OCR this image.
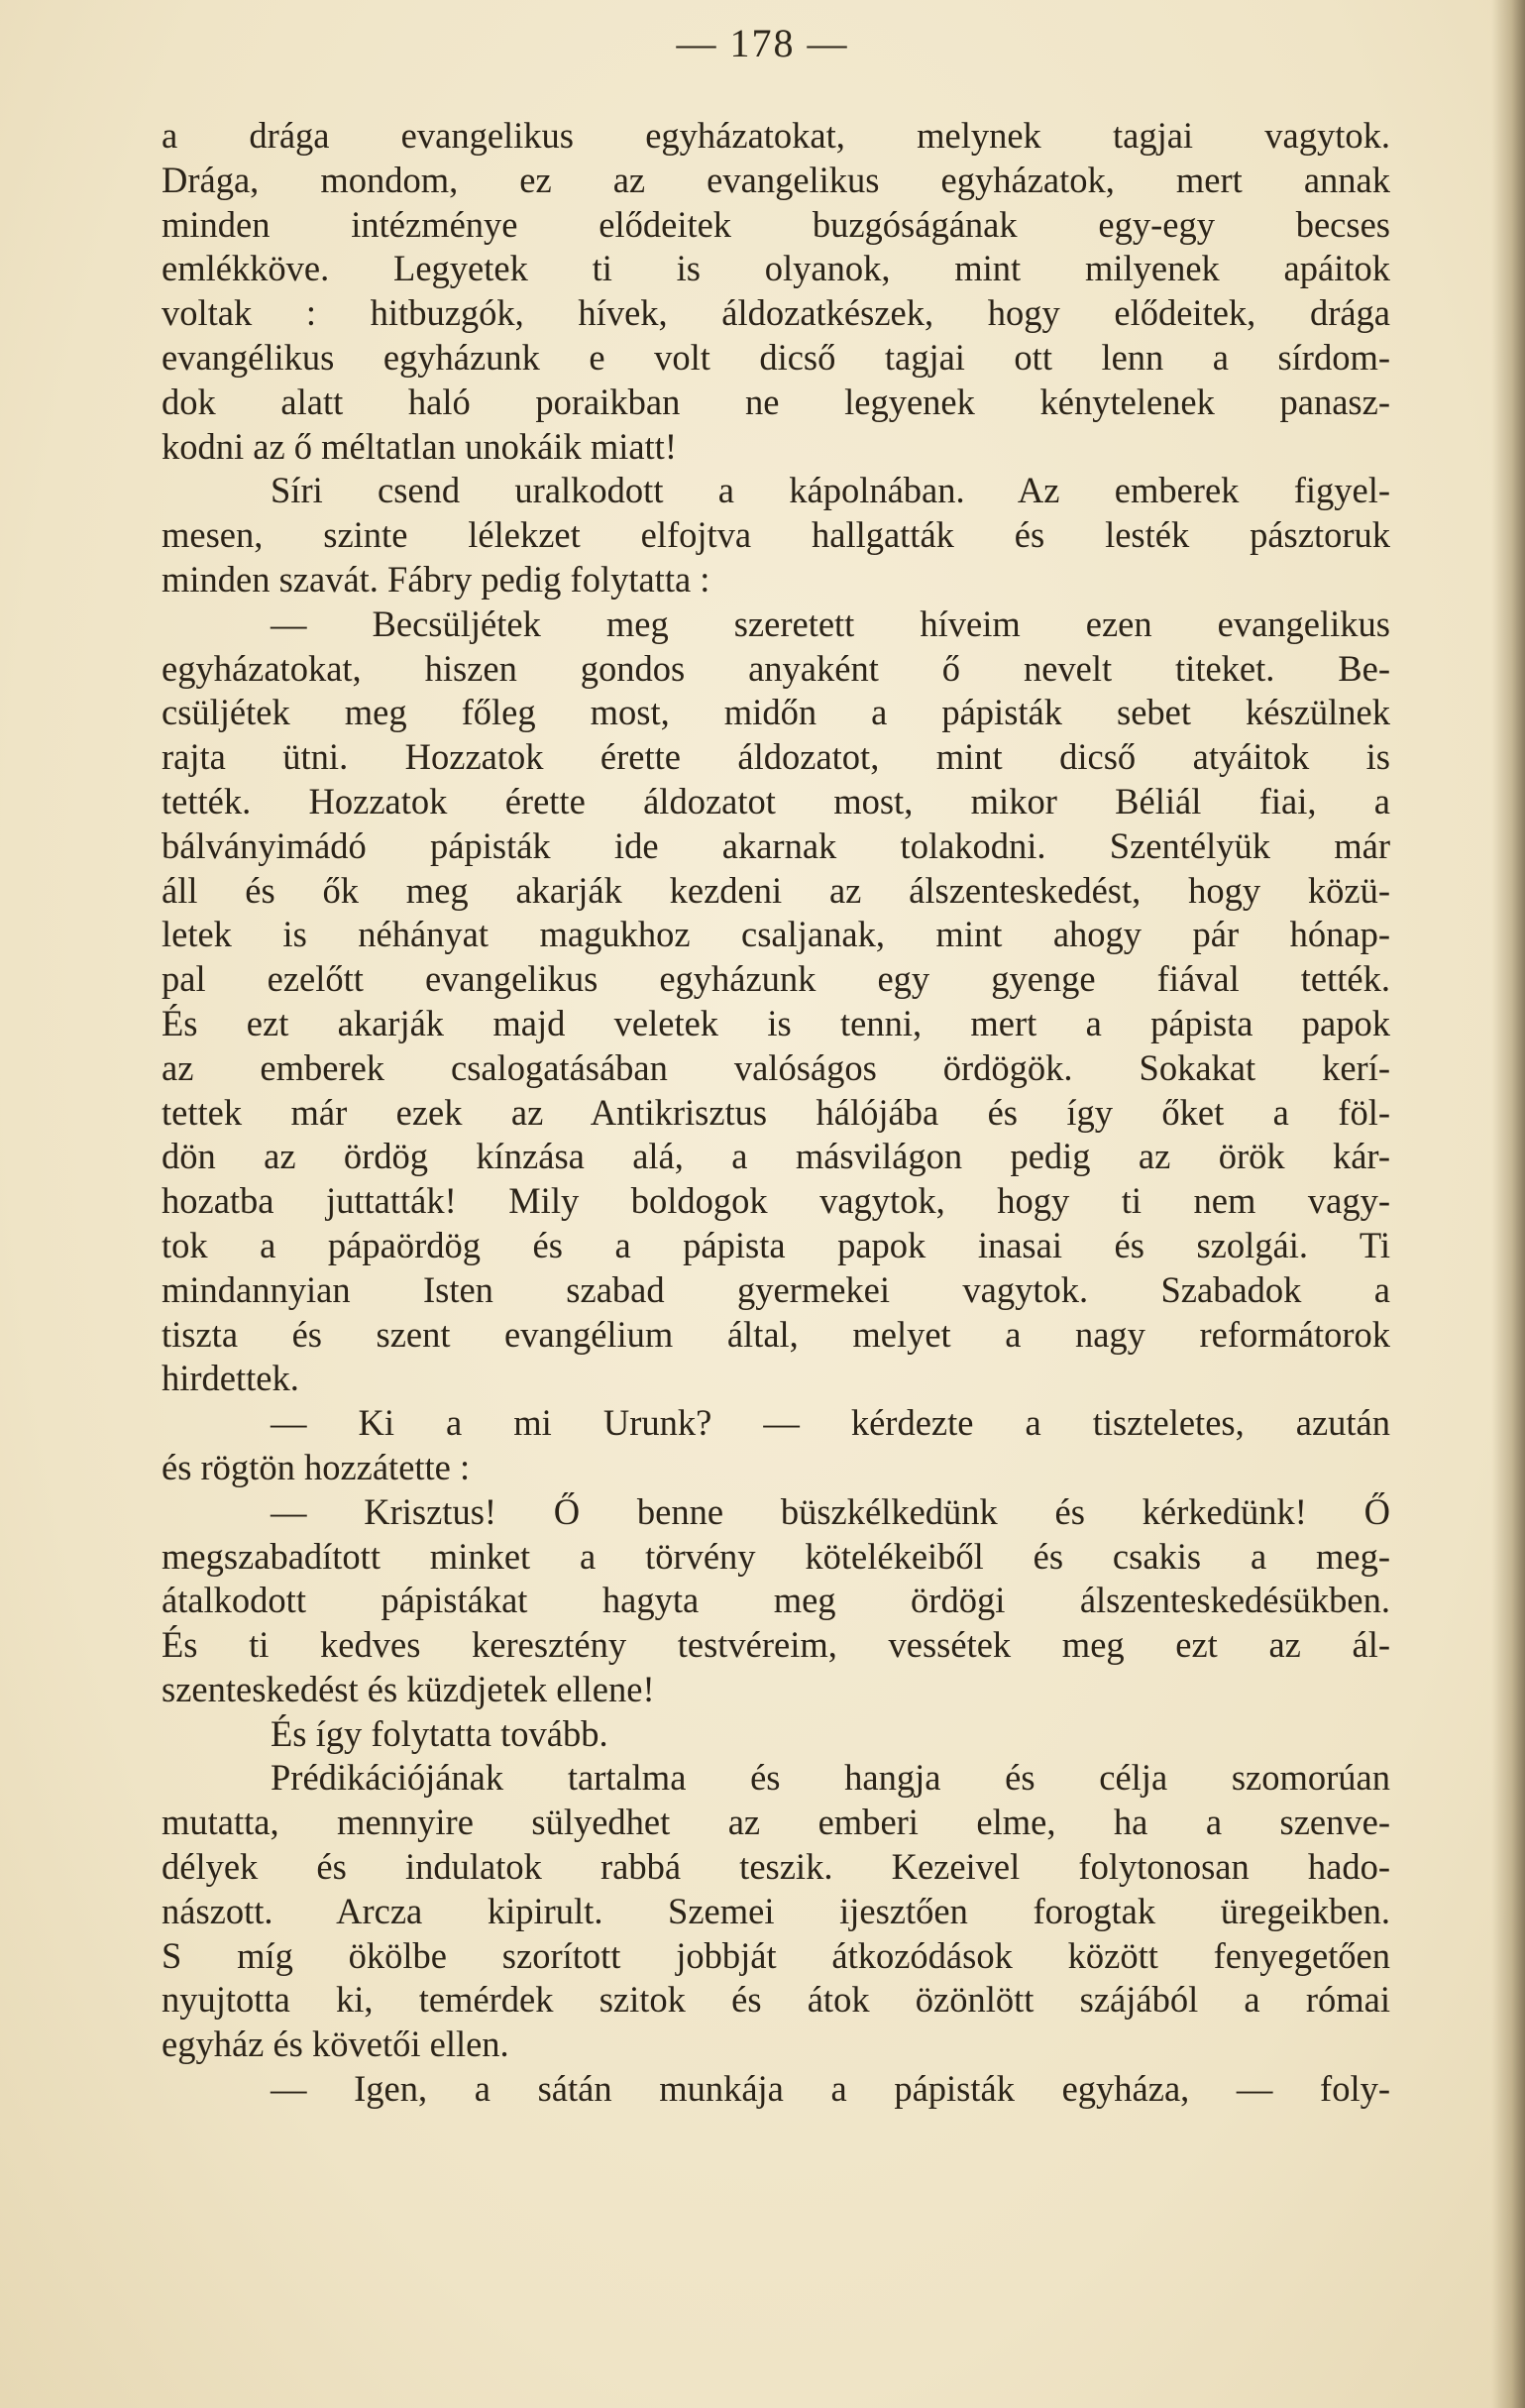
— 178 —
a drága evangelikus egyházatokat, melynek tagjai vagytok.
Drága, mondom, ez az evangelikus egyházatok, mert annak
minden intézménye elődeitek buzgóságának egy-egy becses
emlékköve. Legyetek ti is olyanok, mint milyenek apáitok
voltak : hitbuzgók, hívek, áldozatkészek, hogy elődeitek, drága
evangélikus egyházunk e volt dicső tagjai ott lenn a sírdom-
dok alatt haló poraikban ne legyenek kénytelenek panasz-
kodni az ő méltatlan unokáik miatt!
Síri csend uralkodott a kápolnában. Az emberek figyel-
mesen, szinte lélekzet elfojtva hallgatták és lesték pásztoruk
minden szavát. Fábry pedig folytatta :
— Becsüljétek meg szeretett híveim ezen evangelikus
egyházatokat, hiszen gondos anyaként ő nevelt titeket. Be-
csüljétek meg főleg most, midőn a pápisták sebet készülnek
rajta ütni. Hozzatok érette áldozatot, mint dicső atyáitok is
tették. Hozzatok érette áldozatot most, mikor Béliál fiai, a
bálványimádó pápisták ide akarnak tolakodni. Szentélyük már
áll és ők meg akarják kezdeni az álszenteskedést, hogy közü-
letek is néhányat magukhoz csaljanak, mint ahogy pár hónap-
pal ezelőtt evangelikus egyházunk egy gyenge fiával tették.
És ezt akarják majd veletek is tenni, mert a pápista papok
az emberek csalogatásában valóságos ördögök. Sokakat kerí-
tettek már ezek az Antikrisztus hálójába és így őket a föl-
dön az ördög kínzása alá, a másvilágon pedig az örök kár-
hozatba juttatták! Mily boldogok vagytok, hogy ti nem vagy-
tok a pápaördög és a pápista papok inasai és szolgái. Ti
mindannyian Isten szabad gyermekei vagytok. Szabadok a
tiszta és szent evangélium által, melyet a nagy reformátorok
hirdettek.
— Ki a mi Urunk? — kérdezte a tiszteletes, azután
és rögtön hozzátette :
— Krisztus! Ő benne büszkélkedünk és kérkedünk! Ő
megszabadított minket a törvény kötelékeiből és csakis a meg-
átalkodott pápistákat hagyta meg ördögi álszenteskedésükben.
És ti kedves keresztény testvéreim, vessétek meg ezt az ál-
szenteskedést és küzdjetek ellene!
És így folytatta tovább.
Prédikációjának tartalma és hangja és célja szomorúan
mutatta, mennyire sülyedhet az emberi elme, ha a szenve-
délyek és indulatok rabbá teszik. Kezeivel folytonosan hado-
nászott. Arcza kipirult. Szemei ijesztően forogtak üregeikben.
S míg ökölbe szorított jobbját átkozódások között fenyegetően
nyujtotta ki, temérdek szitok és átok özönlött szájából a római
egyház és követői ellen.
— Igen, a sátán munkája a pápisták egyháza, — foly-
